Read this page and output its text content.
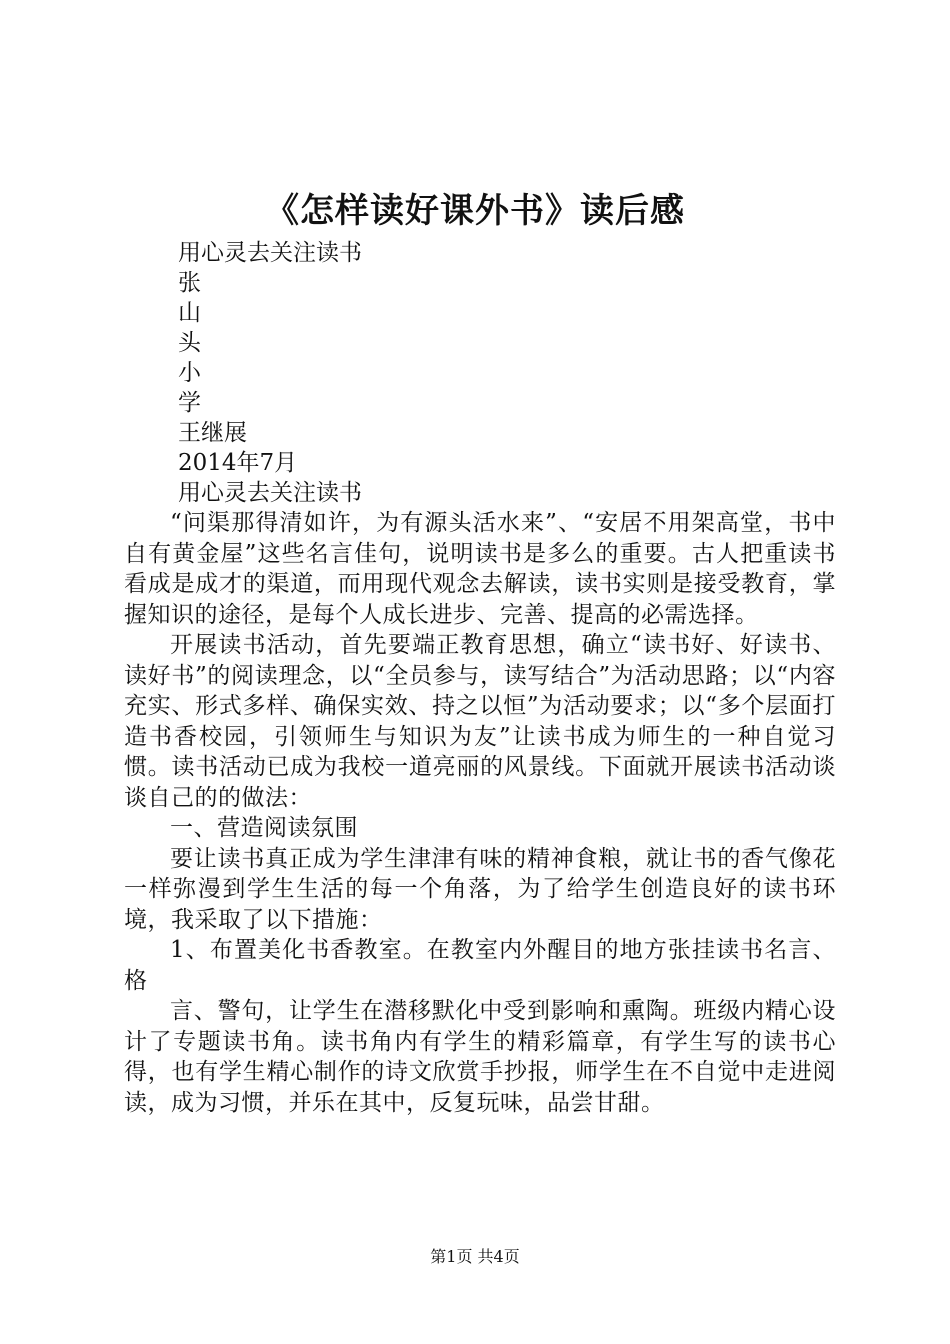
《怎样读好课外书》读后感
用心灵去关注读书
张
山
头
小
学
王继展
2014年7月
用心灵去关注读书

“问渠那得清如许，为有源头活水来”、“安居不用架高堂，书中自有黄金屋”这些名言佳句，说明读书是多么的重要。古人把重读书看成是成才的渠道，而用现代观念去解读，读书实则是接受教育，掌握知识的途径，是每个人成长进步、完善、提高的必需选择。

开展读书活动，首先要端正教育思想，确立“读书好、好读书、读好书”的阅读理念，以“全员参与，读写结合”为活动思路；以“内容充实、形式多样、确保实效、持之以恒”为活动要求；以“多个层面打造书香校园，引领师生与知识为友”让读书成为师生的一种自觉习惯。读书活动已成为我校一道亮丽的风景线。下面就开展读书活动谈谈自己的的做法：

一、营造阅读氛围

要让读书真正成为学生津津有味的精神食粮，就让书的香气像花一样弥漫到学生生活的每一个角落，为了给学生创造良好的读书环境，我采取了以下措施：

1、布置美化书香教室。在教室内外醒目的地方张挂读书名言、格

言、警句，让学生在潜移默化中受到影响和熏陶。班级内精心设计了专题读书角。读书角内有学生的精彩篇章，有学生写的读书心得，也有学生精心制作的诗文欣赏手抄报，师学生在不自觉中走进阅读，成为习惯，并乐在其中，反复玩味，品尝甘甜。

第1页 共4页
